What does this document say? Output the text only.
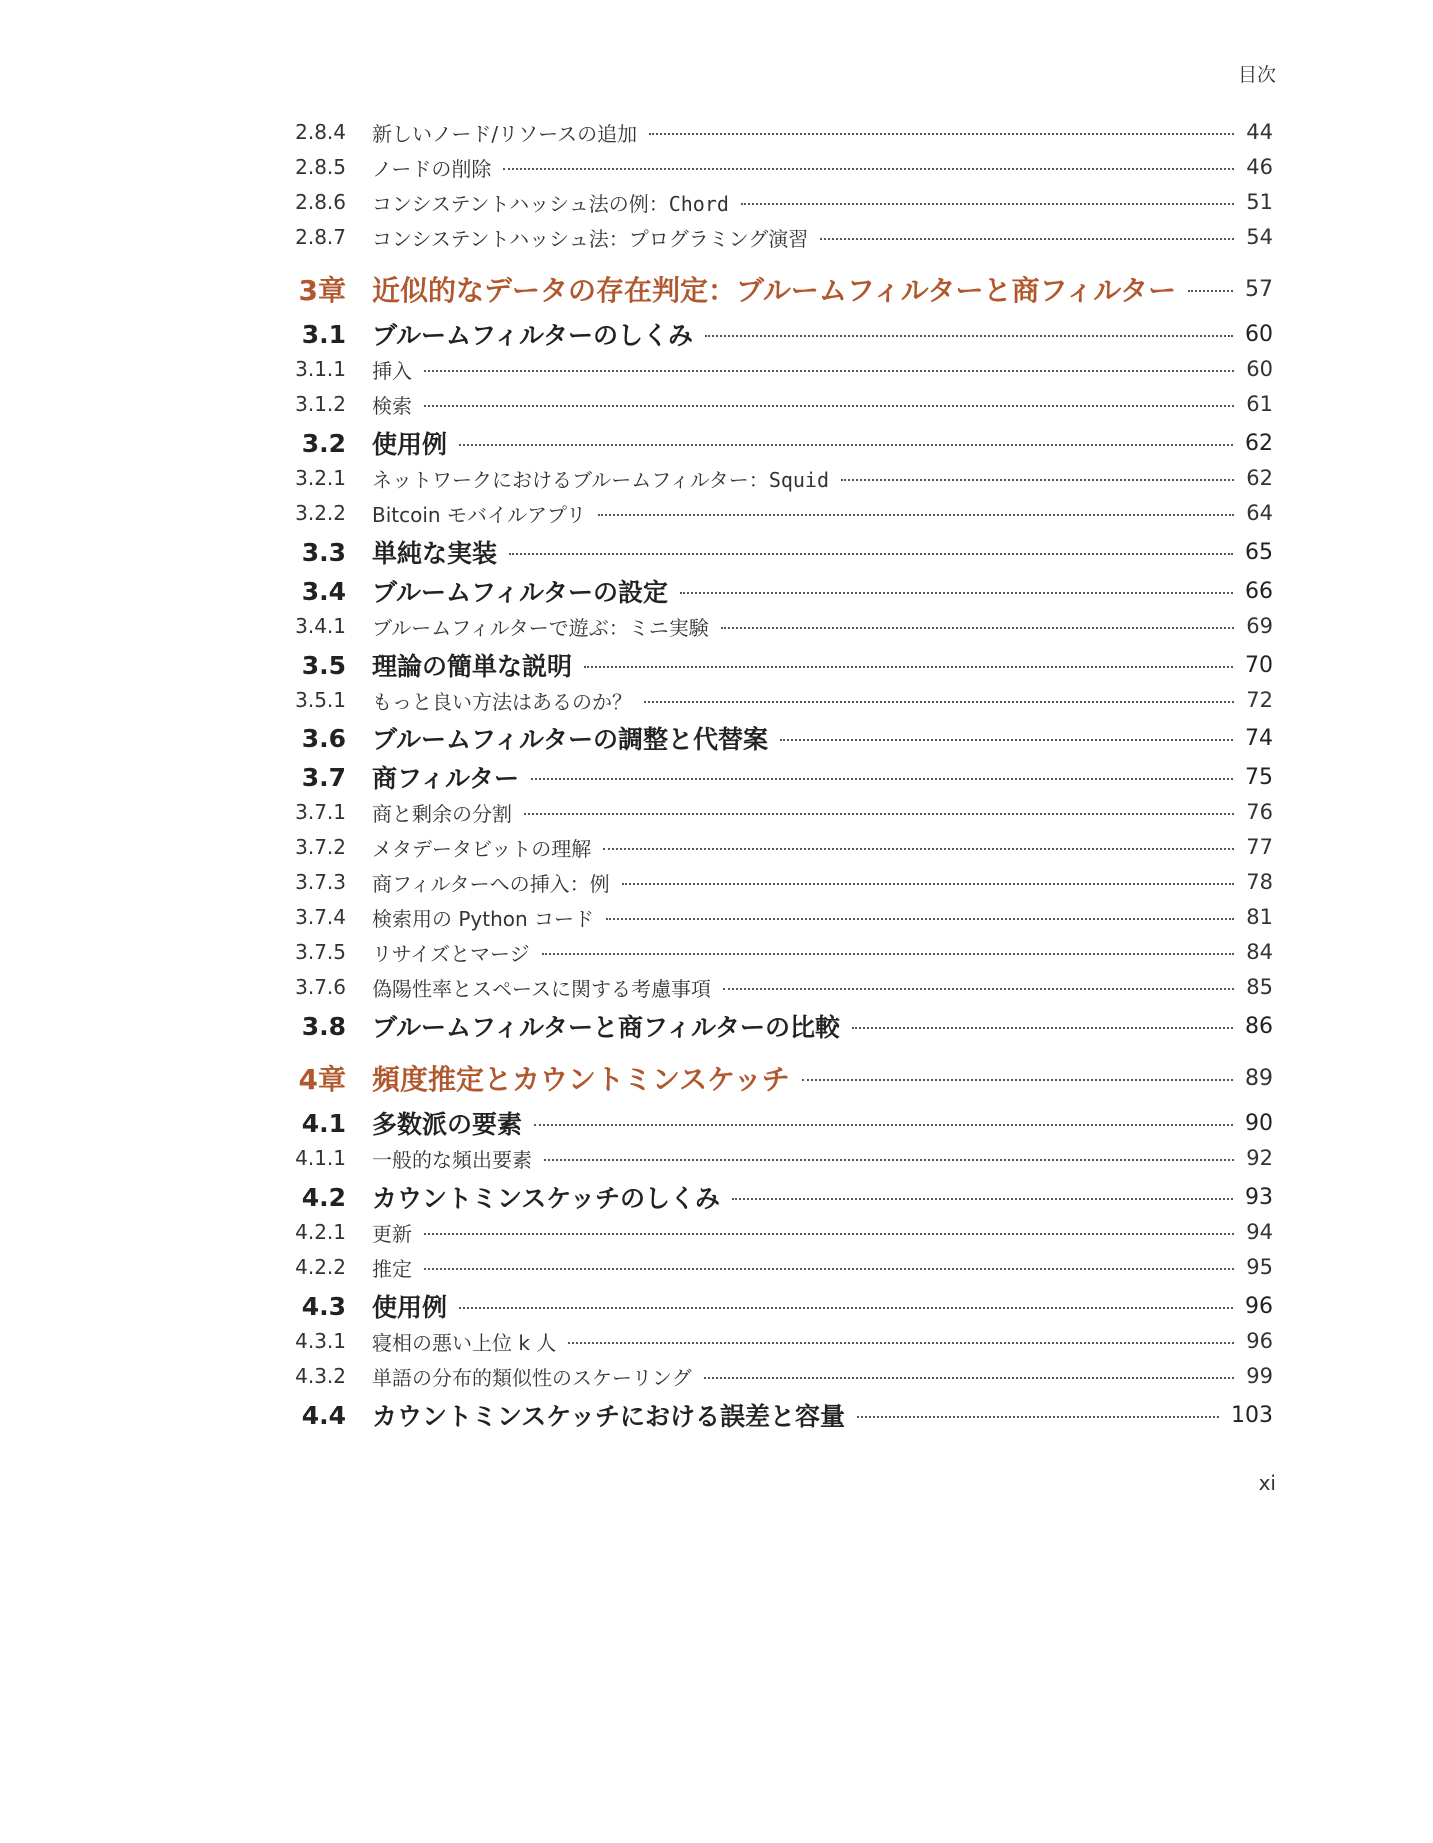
目次
2.8.4	新しいノード/リソースの追加	44
2.8.5	ノードの削除	46
2.8.6	コンシステントハッシュ法の例：Chord	51
2.8.7	コンシステントハッシュ法：プログラミング演習	54
3章 近似的なデータの存在判定：ブルームフィルターと商フィルター	57
3.1	ブルームフィルターのしくみ	60
3.1.1	挿入	60
3.1.2	検索	61
3.2	使用例	62
3.2.1	ネットワークにおけるブルームフィルター：Squid	62
3.2.2	Bitcoin モバイルアプリ	64
3.3	単純な実装	65
3.4	ブルームフィルターの設定	66
3.4.1	ブルームフィルターで遊ぶ：ミニ実験	69
3.5	理論の簡単な説明	70
3.5.1	もっと良い方法はあるのか？	72
3.6	ブルームフィルターの調整と代替案	74
3.7	商フィルター	75
3.7.1	商と剰余の分割	76
3.7.2	メタデータビットの理解	77
3.7.3	商フィルターへの挿入：例	78
3.7.4	検索用の Python コード	81
3.7.5	リサイズとマージ	84
3.7.6	偽陽性率とスペースに関する考慮事項	85
3.8	ブルームフィルターと商フィルターの比較	86
4章 頻度推定とカウントミンスケッチ	89
4.1	多数派の要素	90
4.1.1	一般的な頻出要素	92
4.2	カウントミンスケッチのしくみ	93
4.2.1	更新	94
4.2.2	推定	95
4.3	使用例	96
4.3.1	寝相の悪い上位 k 人	96
4.3.2	単語の分布的類似性のスケーリング	99
4.4	カウントミンスケッチにおける誤差と容量	103
xi
